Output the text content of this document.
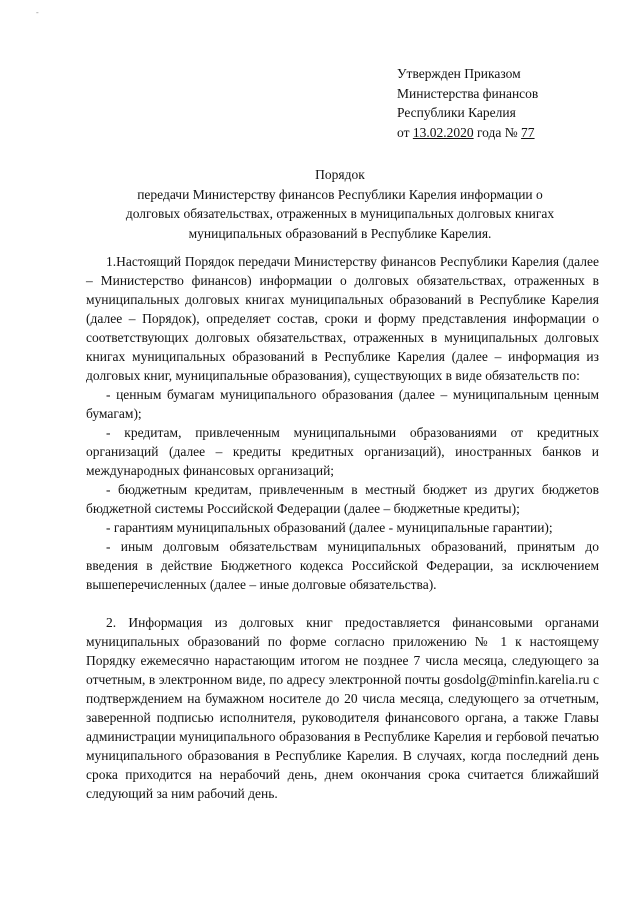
-
Утвержден Приказом
Министерства финансов
Республики Карелия
от 13.02.2020 года № 77
Порядок
передачи Министерству финансов Республики Карелия информации о
долговых обязательствах, отраженных в муниципальных долговых книгах
муниципальных образований в Республике Карелия.

1.Настоящий Порядок передачи Министерству финансов Республики Карелия (далее – Министерство финансов) информации о долговых обязательствах, отраженных в муниципальных долговых книгах муниципальных образований в Республике Карелия (далее – Порядок), определяет состав, сроки и форму представления информации о соответствующих долговых обязательствах, отраженных в муниципальных долговых книгах муниципальных образований в Республике Карелия (далее – информация из долговых книг, муниципальные образования), существующих в виде обязательств по:

- ценным бумагам муниципального образования (далее – муниципальным ценным бумагам);

- кредитам, привлеченным муниципальными образованиями от кредитных организаций (далее – кредиты кредитных организаций), иностранных банков и международных финансовых организаций;

- бюджетным кредитам, привлеченным в местный бюджет из других бюджетов бюджетной системы Российской Федерации (далее – бюджетные кредиты);

- гарантиям муниципальных образований (далее - муниципальные гарантии);

- иным долговым обязательствам муниципальных образований, принятым до введения в действие Бюджетного кодекса Российской Федерации, за исключением вышеперечисленных (далее – иные долговые обязательства).

2. Информация из долговых книг предоставляется финансовыми органами муниципальных образований по форме согласно приложению № 1 к настоящему Порядку ежемесячно нарастающим итогом не позднее 7 числа месяца, следующего за отчетным, в электронном виде, по адресу электронной почты gosdolg@minfin.karelia.ru с подтверждением на бумажном носителе до 20 числа месяца, следующего за отчетным, заверенной подписью исполнителя, руководителя финансового органа, а также Главы администрации муниципального образования в Республике Карелия и гербовой печатью муниципального образования в Республике Карелия. В случаях, когда последний день срока приходится на нерабочий день, днем окончания срока считается ближайший следующий за ним рабочий день.
